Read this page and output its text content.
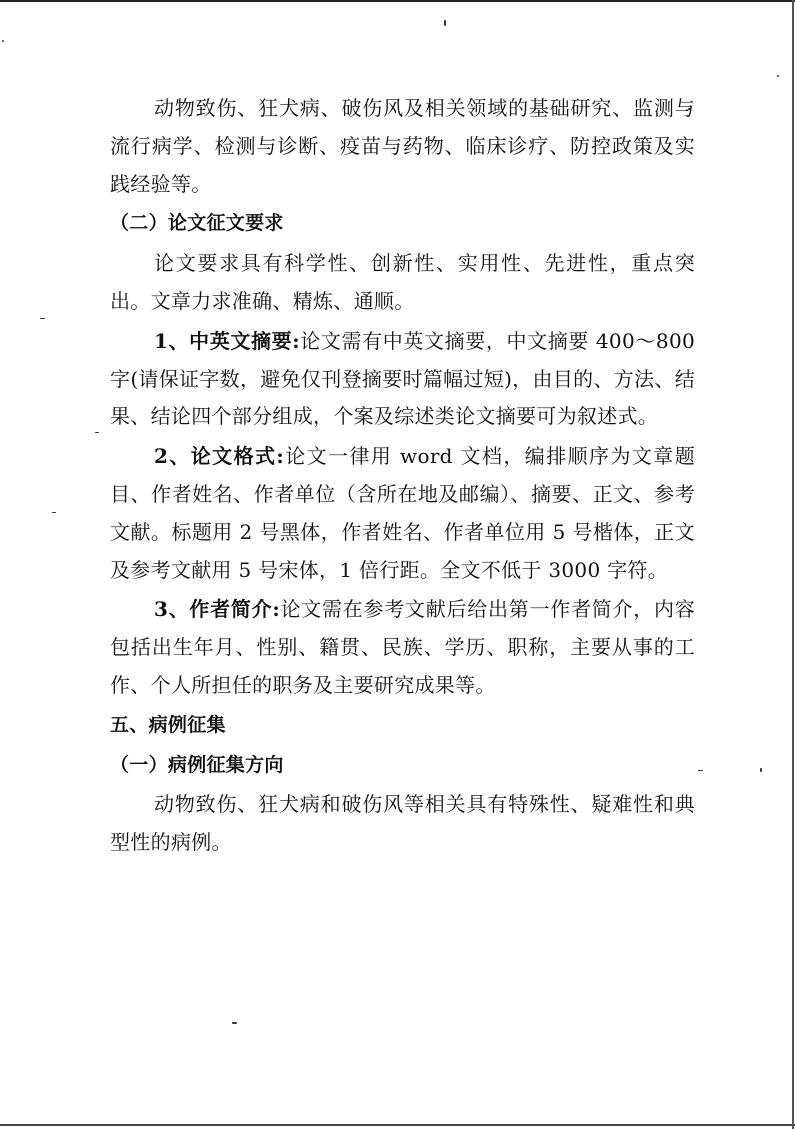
动物致伤、狂犬病、破伤风及相关领域的基础研究、监测与流行病学、检测与诊断、疫苗与药物、临床诊疗、防控政策及实践经验等。

（二）论文征文要求

论文要求具有科学性、创新性、实用性、先进性，重点突出。文章力求准确、精炼、通顺。

1、中英文摘要:论文需有中英文摘要，中文摘要 400～800 字(请保证字数，避免仅刊登摘要时篇幅过短)，由目的、方法、结果、结论四个部分组成，个案及综述类论文摘要可为叙述式。

2、论文格式:论文一律用 word 文档，编排顺序为文章题目、作者姓名、作者单位（含所在地及邮编）、摘要、正文、参考文献。标题用 2 号黑体，作者姓名、作者单位用 5 号楷体，正文及参考文献用 5 号宋体，1 倍行距。全文不低于 3000 字符。

3、作者简介:论文需在参考文献后给出第一作者简介，内容包括出生年月、性别、籍贯、民族、学历、职称，主要从事的工作、个人所担任的职务及主要研究成果等。

五、病例征集

（一）病例征集方向

动物致伤、狂犬病和破伤风等相关具有特殊性、疑难性和典型性的病例。
